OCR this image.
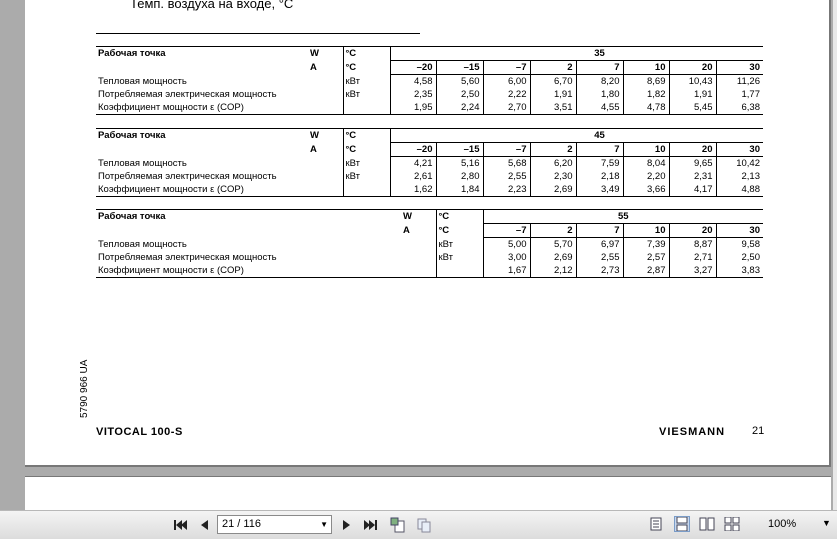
Темп. воздуха на входе, °С
Рабочая точка	W	°C		35						
	A	°C	–20	–15	–7	2	7	10	20	30
Тепловая мощность		кВт	4,58	5,60	6,00	6,70	8,20	8,69	10,43	11,26
Потребляемая электрическая мощность		кВт	2,35	2,50	2,22	1,91	1,80	1,82	1,91	1,77
Коэффициент мощности ε (COP)			1,95	2,24	2,70	3,51	4,55	4,78	5,45	6,38
Рабочая точка	W	°C		45						
	A	°C	–20	–15	–7	2	7	10	20	30
Тепловая мощность		кВт	4,21	5,16	5,68	6,20	7,59	8,04	9,65	10,42
Потребляемая электрическая мощность		кВт	2,61	2,80	2,55	2,30	2,18	2,20	2,31	2,13
Коэффициент мощности ε (COP)			1,62	1,84	2,23	2,69	3,49	3,66	4,17	4,88
Рабочая точка	W	°C	55					
	A	°C	–7	2	7	10	20	30
Тепловая мощность		кВт	5,00	5,70	6,97	7,39	8,87	9,58
Потребляемая электрическая мощность		кВт	3,00	2,69	2,55	2,57	2,71	2,50
Коэффициент мощности ε (COP)			1,67	2,12	2,73	2,87	3,27	3,83
5790 966 UA
VITOCAL 100-S	VIESMANN 21
21 / 116	▼	100%	▼
